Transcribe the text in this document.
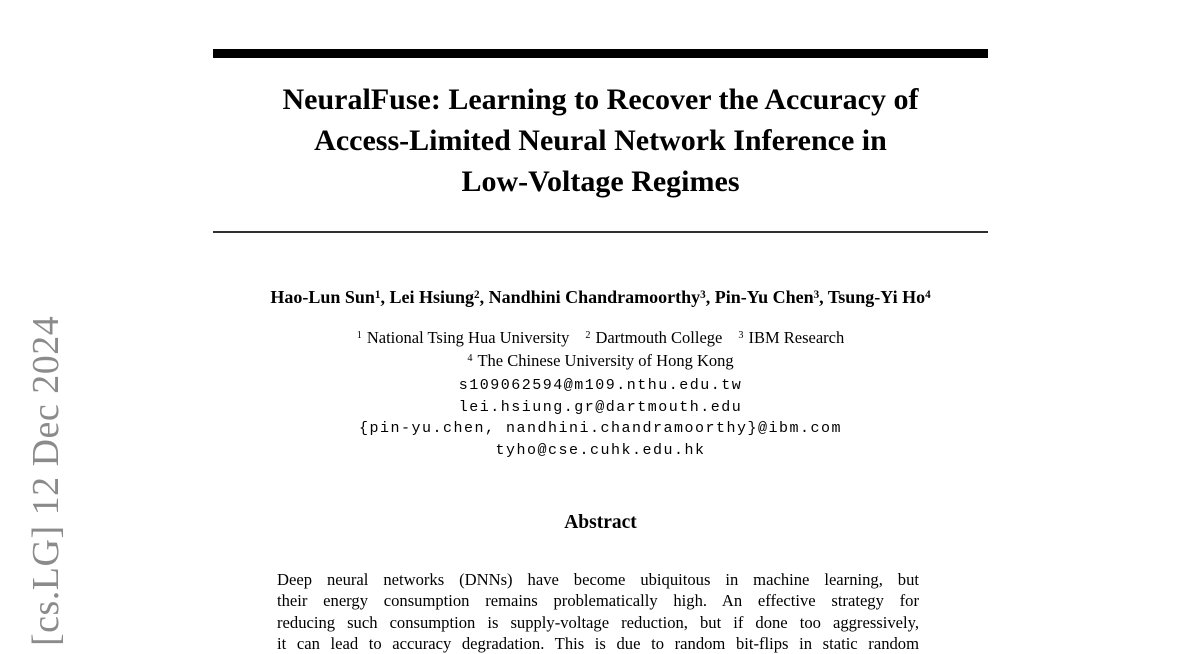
[cs.LG] 12 Dec 2024
NeuralFuse: Learning to Recover the Accuracy of
Access-Limited Neural Network Inference in
Low-Voltage Regimes
Hao-Lun Sun$^1$, Lei Hsiung$^2$, Nandhini Chandramoorthy$^3$, Pin-Yu Chen$^3$, Tsung-Yi Ho$^4$
$^1$ National Tsing Hua University $^2$ Dartmouth College $^3$ IBM Research
$^4$ The Chinese University of Hong Kong
s109062594@m109.nthu.edu.tw
lei.hsiung.gr@dartmouth.edu
{pin-yu.chen, nandhini.chandramoorthy}@ibm.com
tyho@cse.cuhk.edu.hk
Abstract
Deep neural networks (DNNs) have become ubiquitous in machine learning, but
their energy consumption remains problematically high. An effective strategy for
reducing such consumption is supply-voltage reduction, but if done too aggressively,
it can lead to accuracy degradation. This is due to random bit-flips in static random
